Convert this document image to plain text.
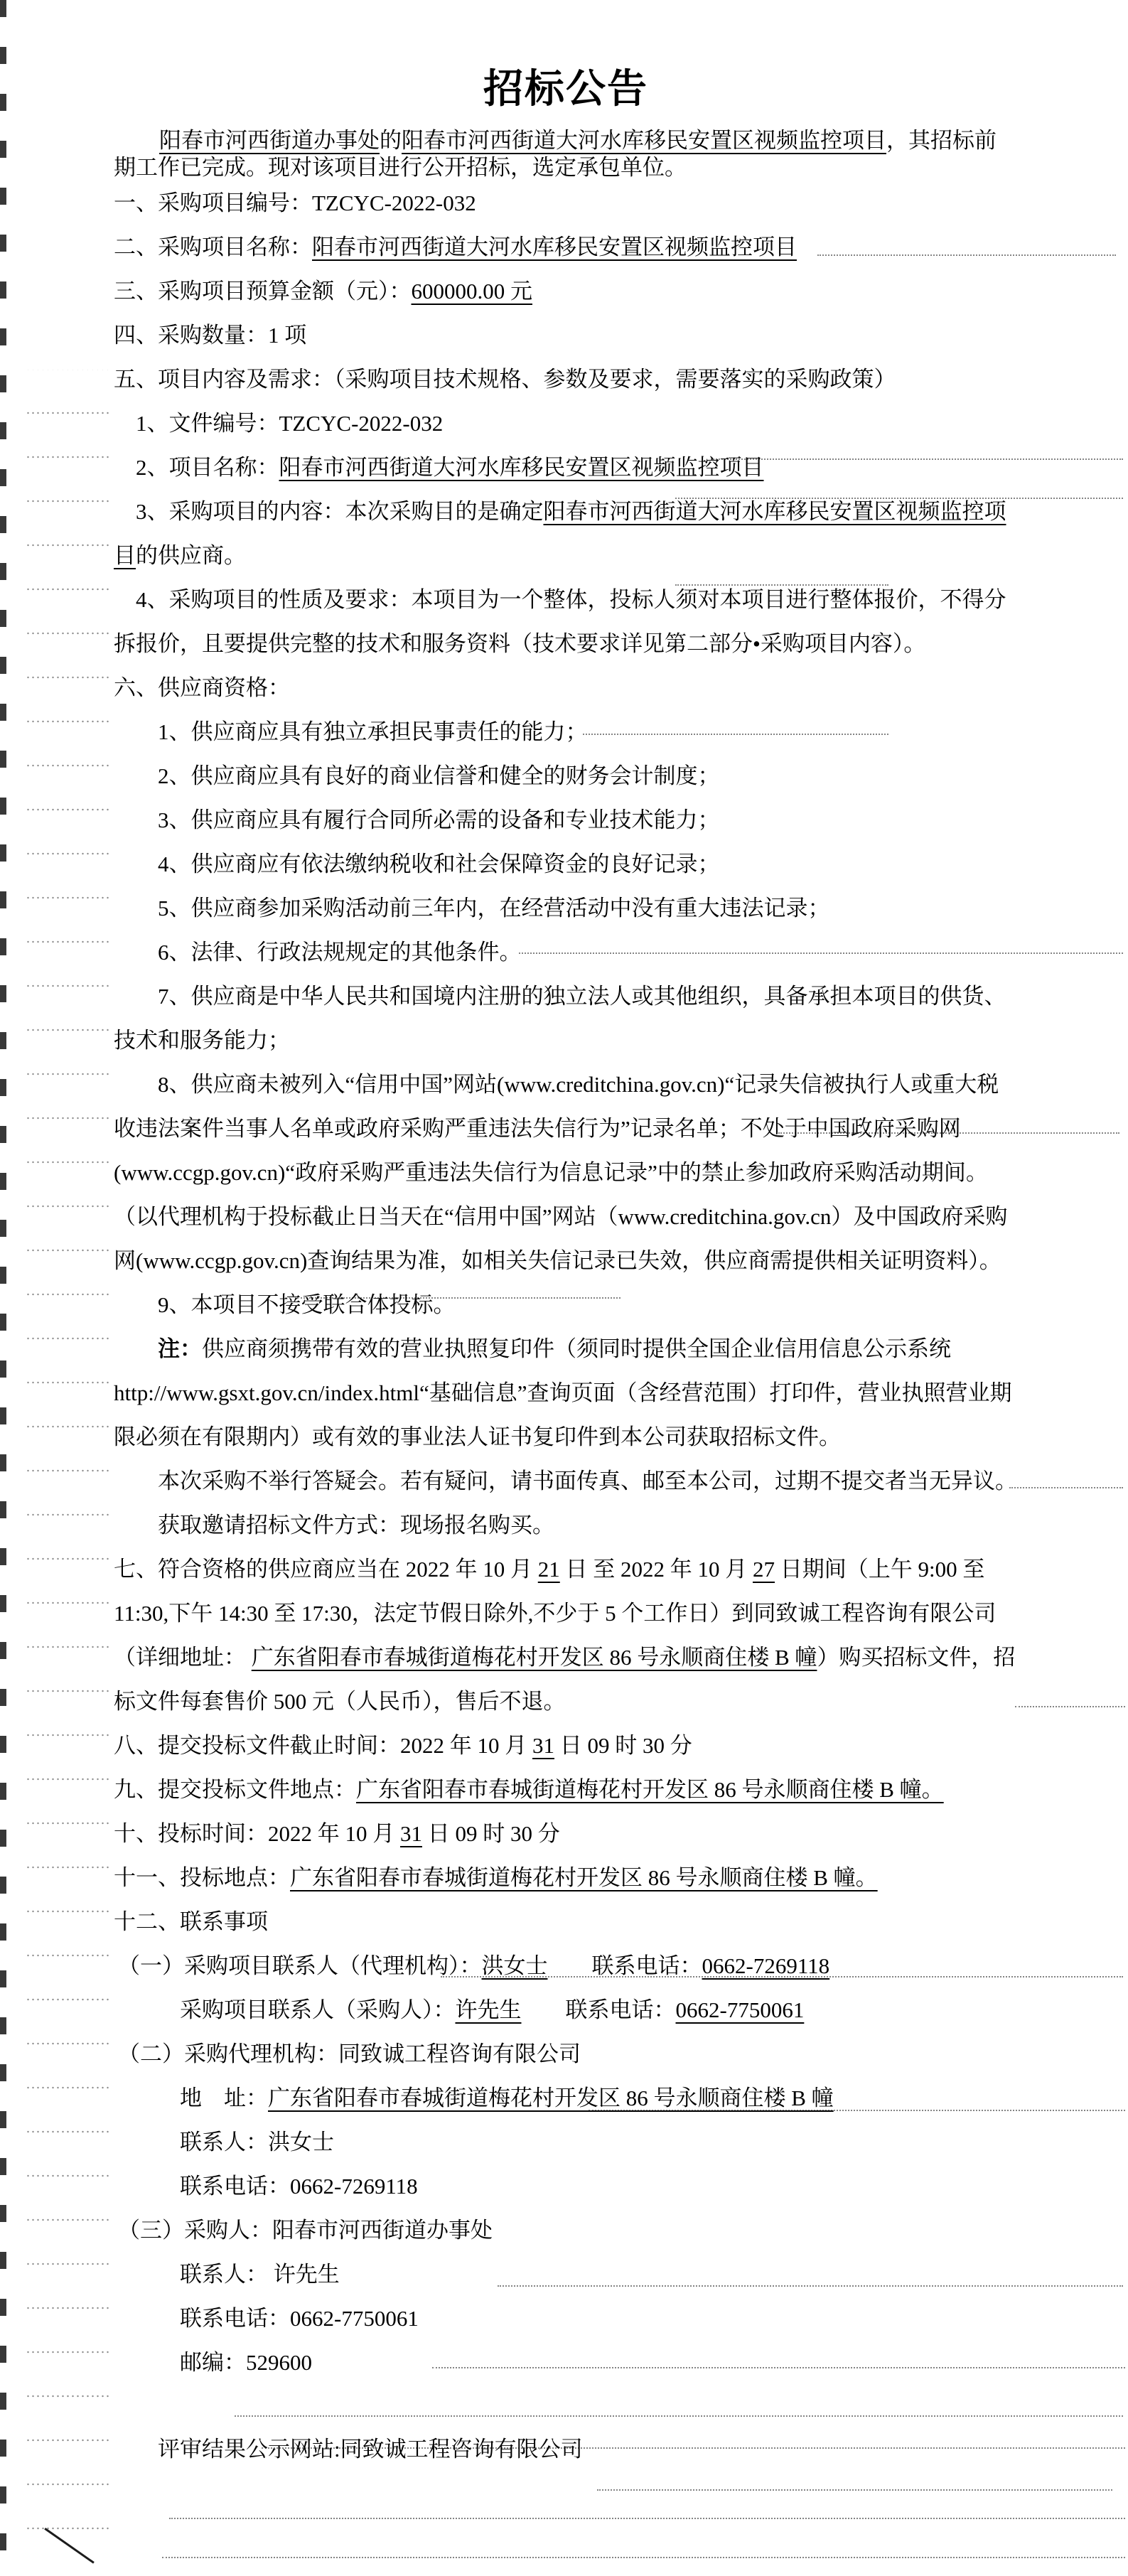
招标公告

阳春市河西街道办事处的阳春市河西街道大河水库移民安置区视频监控项目，其招标前期工作已完成。现对该项目进行公开招标，选定承包单位。

一、采购项目编号：TZCYC-2022-032

二、采购项目名称：阳春市河西街道大河水库移民安置区视频监控项目

三、采购项目预算金额（元）：600000.00 元

四、采购数量：1 项

五、项目内容及需求：（采购项目技术规格、参数及要求，需要落实的采购政策）

1、文件编号：TZCYC-2022-032

2、项目名称：阳春市河西街道大河水库移民安置区视频监控项目

3、采购项目的内容：本次采购目的是确定阳春市河西街道大河水库移民安置区视频监控项目的供应商。

4、采购项目的性质及要求：本项目为一个整体，投标人须对本项目进行整体报价，不得分拆报价，且要提供完整的技术和服务资料（技术要求详见第二部分•采购项目内容）。

六、供应商资格：

1、供应商应具有独立承担民事责任的能力；

2、供应商应具有良好的商业信誉和健全的财务会计制度；

3、供应商应具有履行合同所必需的设备和专业技术能力；

4、供应商应有依法缴纳税收和社会保障资金的良好记录；

5、供应商参加采购活动前三年内，在经营活动中没有重大违法记录；

6、法律、行政法规规定的其他条件。

7、供应商是中华人民共和国境内注册的独立法人或其他组织，具备承担本项目的供货、技术和服务能力；

8、供应商未被列入“信用中国”网站(www.creditchina.gov.cn)“记录失信被执行人或重大税收违法案件当事人名单或政府采购严重违法失信行为”记录名单；不处于中国政府采购网(www.ccgp.gov.cn)“政府采购严重违法失信行为信息记录”中的禁止参加政府采购活动期间。（以代理机构于投标截止日当天在“信用中国”网站（www.creditchina.gov.cn）及中国政府采购网(www.ccgp.gov.cn)查询结果为准，如相关失信记录已失效，供应商需提供相关证明资料）。

9、本项目不接受联合体投标。

注：供应商须携带有效的营业执照复印件（须同时提供全国企业信用信息公示系统 http://www.gsxt.gov.cn/index.html“基础信息”查询页面（含经营范围）打印件，营业执照营业期限必须在有限期内）或有效的事业法人证书复印件到本公司获取招标文件。

本次采购不举行答疑会。若有疑问，请书面传真、邮至本公司，过期不提交者当无异议。

获取邀请招标文件方式：现场报名购买。

七、符合资格的供应商应当在 2022 年 10 月 21 日 至 2022 年 10 月 27 日期间（上午 9:00 至 11:30,下午 14:30 至 17:30，法定节假日除外,不少于 5 个工作日）到同致诚工程咨询有限公司（详细地址： 广东省阳春市春城街道梅花村开发区 86 号永顺商住楼 B 幢）购买招标文件，招标文件每套售价 500 元（人民币），售后不退。

八、提交投标文件截止时间：2022 年 10 月 31 日 09 时 30 分

九、提交投标文件地点：广东省阳春市春城街道梅花村开发区 86 号永顺商住楼 B 幢。

十、投标时间：2022 年 10 月 31 日 09 时 30 分

十一、投标地点：广东省阳春市春城街道梅花村开发区 86 号永顺商住楼 B 幢。

十二、联系事项

（一）采购项目联系人（代理机构）：洪女士　　联系电话：0662-7269118

采购项目联系人（采购人）：许先生　　联系电话：0662-7750061

（二）采购代理机构：同致诚工程咨询有限公司

地　址：广东省阳春市春城街道梅花村开发区 86 号永顺商住楼 B 幢

联系人：洪女士

联系电话：0662-7269118

（三）采购人：阳春市河西街道办事处

联系人： 许先生

联系电话：0662-7750061

邮编：529600

评审结果公示网站:同致诚工程咨询有限公司
